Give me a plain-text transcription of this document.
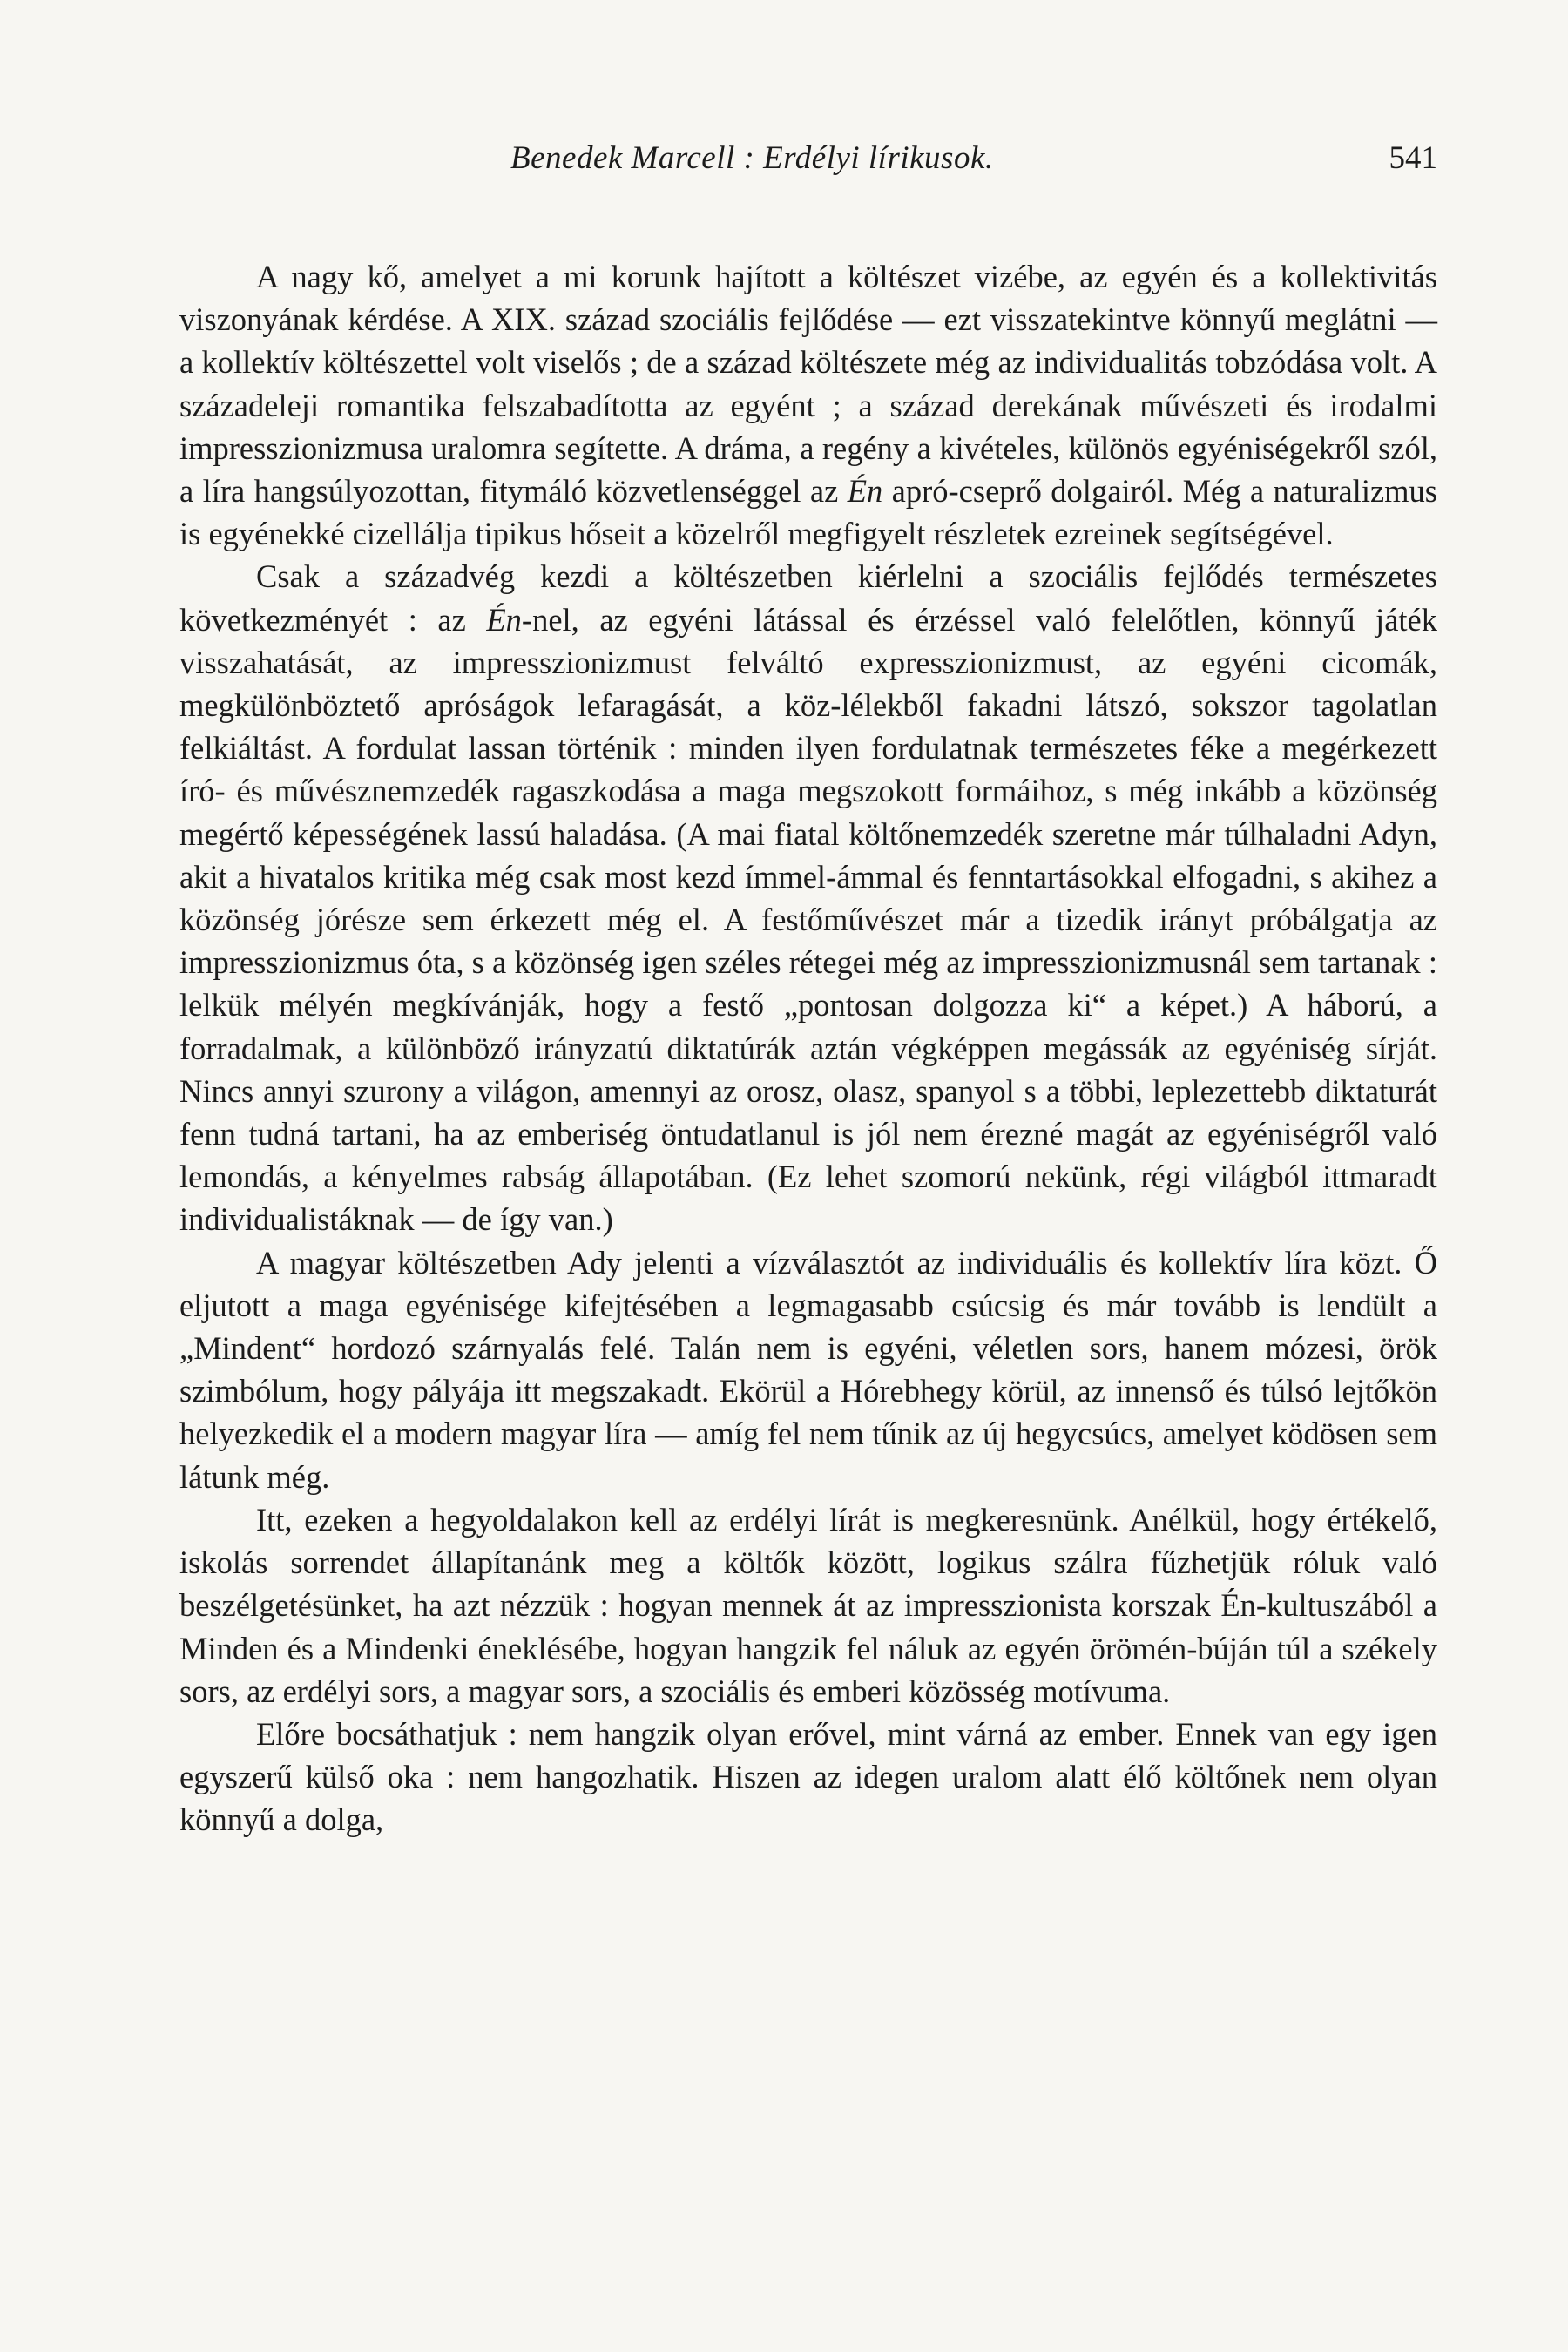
Benedek Marcell : Erdélyi lírikusok.	541

A nagy kő, amelyet a mi korunk hajított a költészet vizébe, az egyén és a kollektivitás viszonyának kérdése. A XIX. század szociális fejlődése — ezt visszatekintve könnyű meglátni — a kollektív költészettel volt viselős ; de a század költészete még az individualitás tobzódása volt. A századeleji romantika felszabadította az egyént ; a század derekának művészeti és irodalmi impresszionizmusa uralomra segítette. A dráma, a regény a kivételes, különös egyéniségekről szól, a líra hangsúlyozottan, fitymáló közvetlenséggel az Én apró-cseprő dolgairól. Még a naturalizmus is egyénekké cizellálja tipikus hőseit a közelről megfigyelt részletek ezreinek segítségével.

Csak a századvég kezdi a költészetben kiérlelni a szociális fejlődés természetes következményét : az Én-nel, az egyéni látással és érzéssel való felelőtlen, könnyű játék visszahatását, az impresszionizmust felváltó expresszionizmust, az egyéni cicomák, megkülönböztető apróságok lefaragását, a köz-lélekből fakadni látszó, sokszor tagolatlan felkiáltást. A fordulat lassan történik : minden ilyen fordulatnak természetes féke a megérkezett író- és művésznemzedék ragaszkodása a maga megszokott formáihoz, s még inkább a közönség megértő képességének lassú haladása. (A mai fiatal költőnemzedék szeretne már túlhaladni Adyn, akit a hivatalos kritika még csak most kezd ímmel-ámmal és fenntartásokkal elfogadni, s akihez a közönség jórésze sem érkezett még el. A festőművészet már a tizedik irányt próbálgatja az impresszionizmus óta, s a közönség igen széles rétegei még az impresszionizmusnál sem tartanak : lelkük mélyén megkívánják, hogy a festő „pontosan dolgozza ki“ a képet.) A háború, a forradalmak, a különböző irányzatú diktatúrák aztán végképpen megássák az egyéniség sírját. Nincs annyi szurony a világon, amennyi az orosz, olasz, spanyol s a többi, leplezettebb diktaturát fenn tudná tartani, ha az emberiség öntudatlanul is jól nem érezné magát az egyéniségről való lemondás, a kényelmes rabság állapotában. (Ez lehet szomorú nekünk, régi világból ittmaradt individualistáknak — de így van.)

A magyar költészetben Ady jelenti a vízválasztót az individuális és kollektív líra közt. Ő eljutott a maga egyénisége kifejtésében a legmagasabb csúcsig és már tovább is lendült a „Mindent“ hordozó szárnyalás felé. Talán nem is egyéni, véletlen sors, hanem mózesi, örök szimbólum, hogy pályája itt megszakadt. Ekörül a Hórebhegy körül, az innenső és túlsó lejtőkön helyezkedik el a modern magyar líra — amíg fel nem tűnik az új hegycsúcs, amelyet ködösen sem látunk még.

Itt, ezeken a hegyoldalakon kell az erdélyi lírát is megkeresnünk. Anélkül, hogy értékelő, iskolás sorrendet állapítanánk meg a költők között, logikus szálra fűzhetjük róluk való beszélgetésünket, ha azt nézzük : hogyan mennek át az impresszionista korszak Én-kultuszából a Minden és a Mindenki éneklésébe, hogyan hangzik fel náluk az egyén örömén-búján túl a székely sors, az erdélyi sors, a magyar sors, a szociális és emberi közösség motívuma.

Előre bocsáthatjuk : nem hangzik olyan erővel, mint várná az ember. Ennek van egy igen egyszerű külső oka : nem hangozhatik. Hiszen az idegen uralom alatt élő költőnek nem olyan könnyű a dolga,
